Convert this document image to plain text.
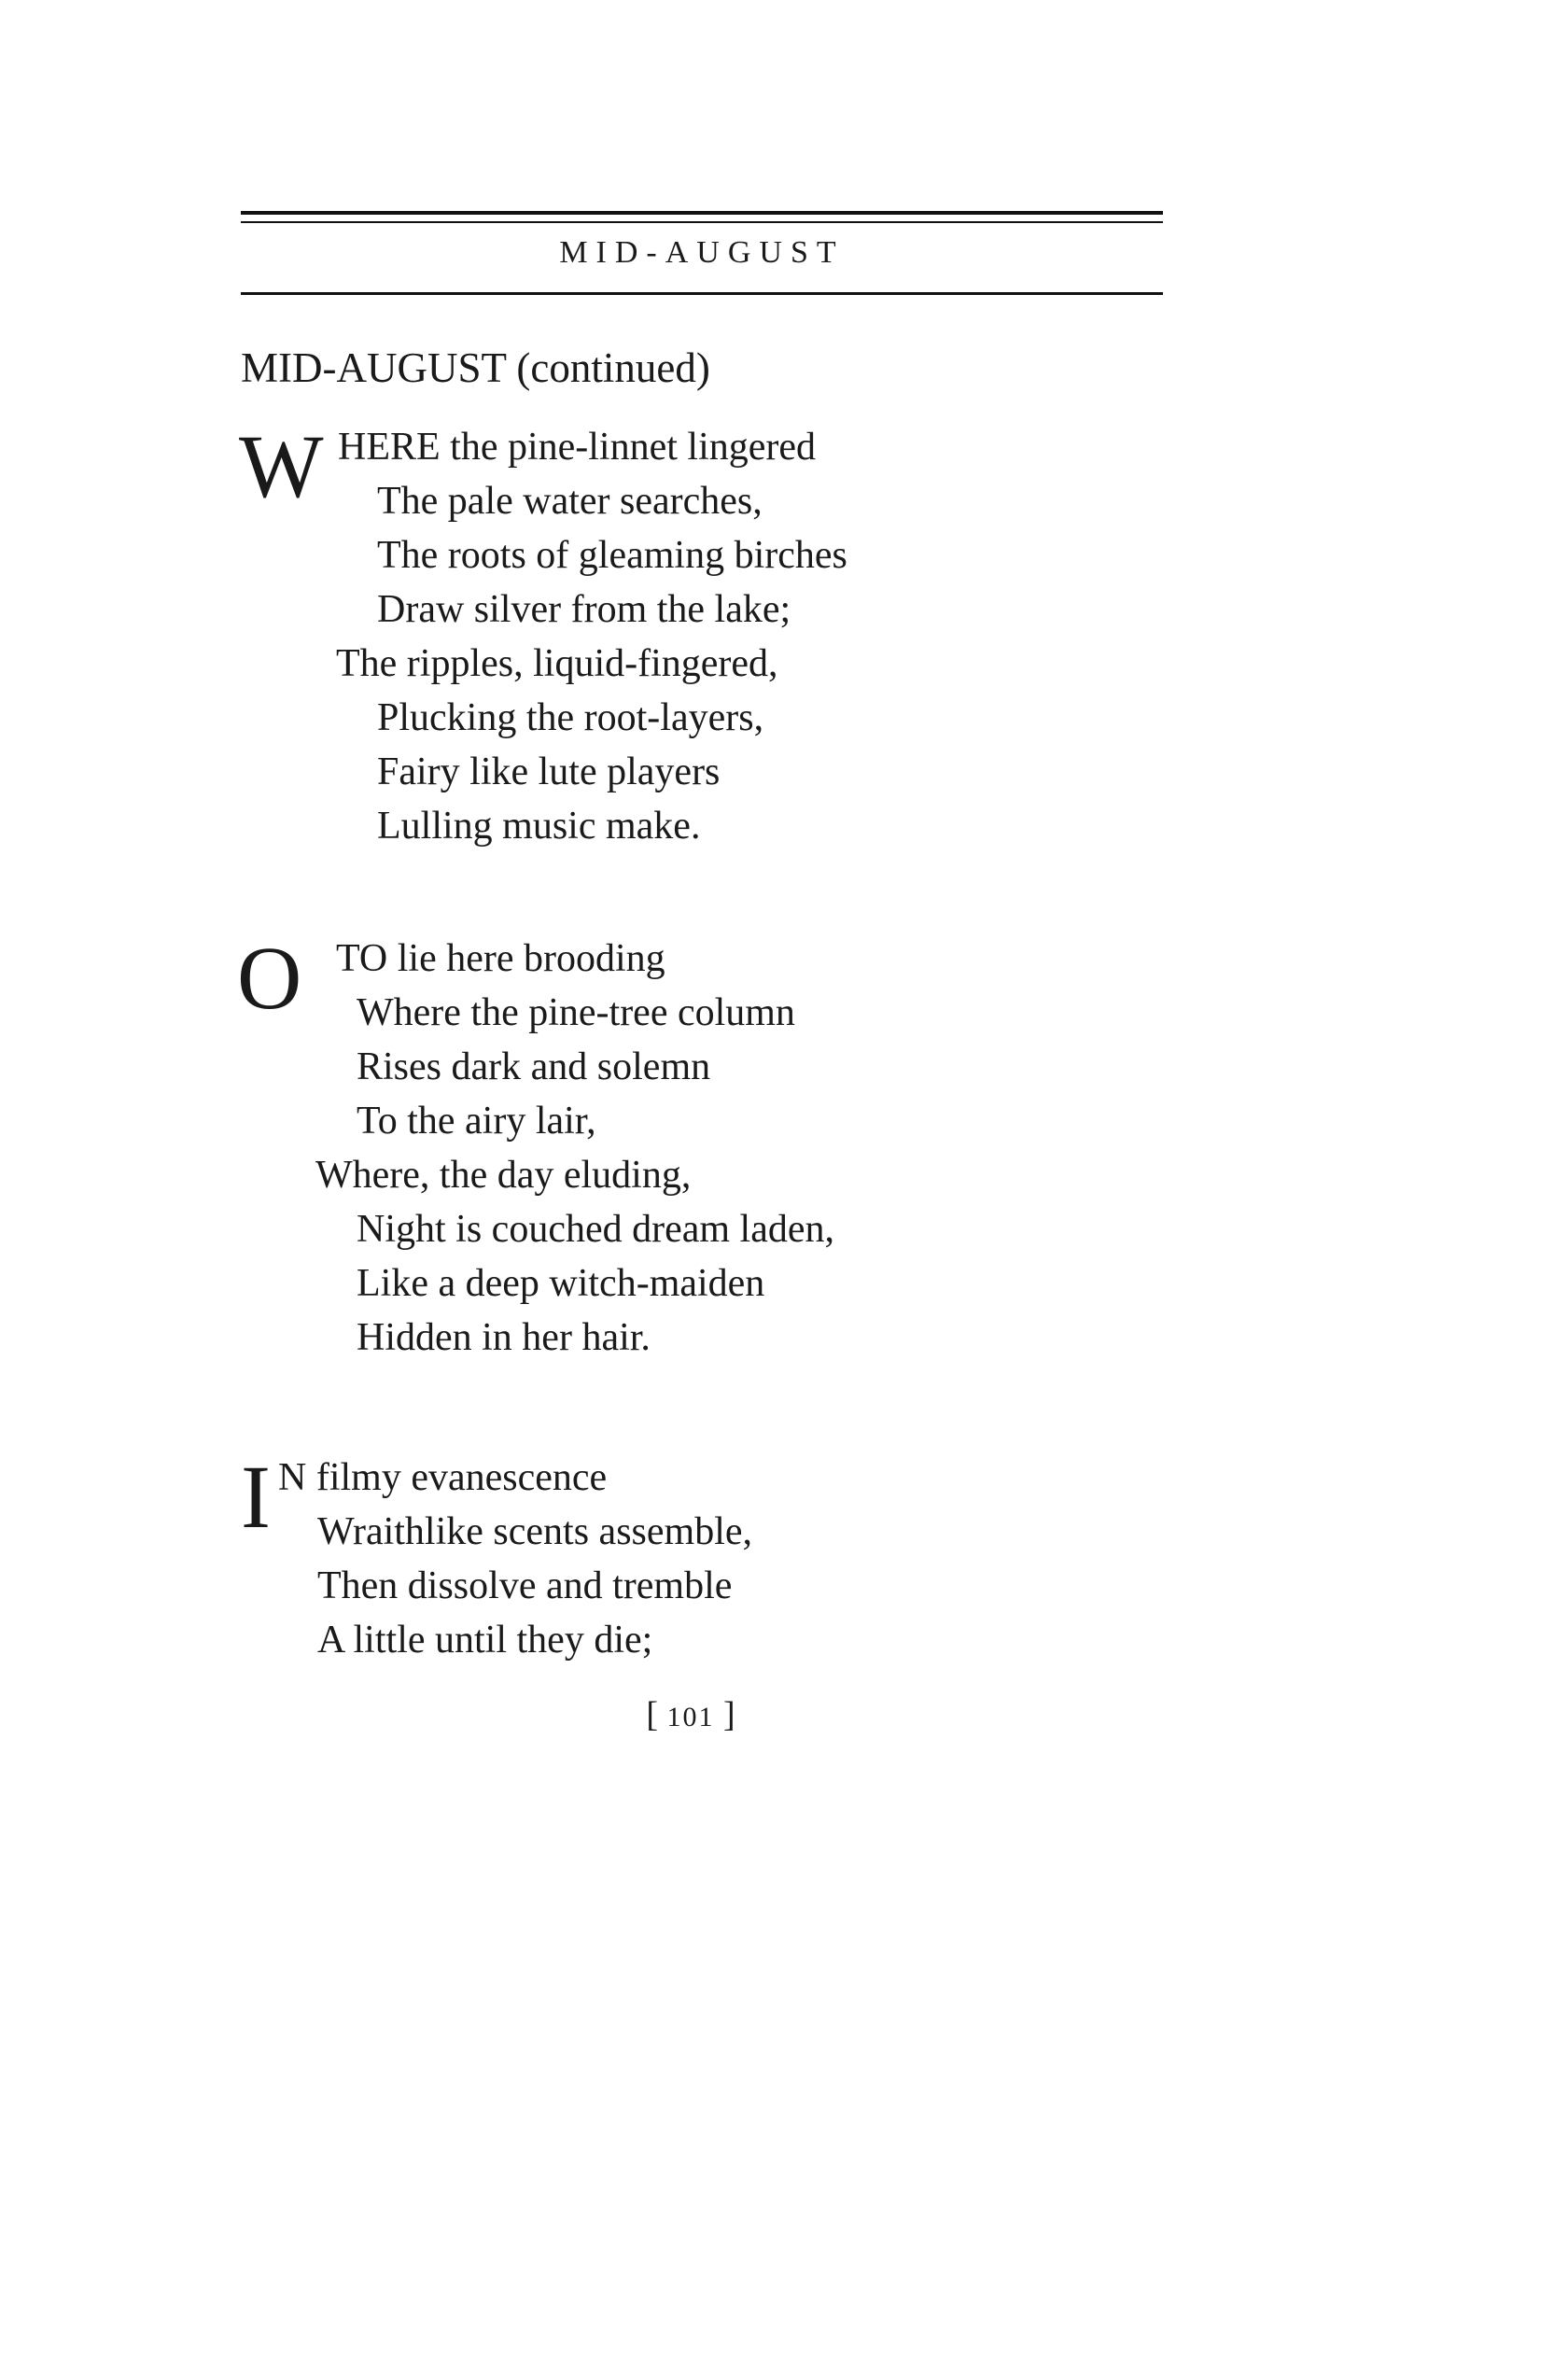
MID-AUGUST
MID-AUGUST (continued)
W HERE the pine-linnet lingered
The pale water searches,
The roots of gleaming birches
Draw silver from the lake;
The ripples, liquid-fingered,
Plucking the root-layers,
Fairy like lute players
Lulling music make.
O TO lie here brooding
Where the pine-tree column
Rises dark and solemn
To the airy lair,
Where, the day eluding,
Night is couched dream laden,
Like a deep witch-maiden
Hidden in her hair.
I N filmy evanescence
Wraithlike scents assemble,
Then dissolve and tremble
A little until they die;
[ 101 ]
